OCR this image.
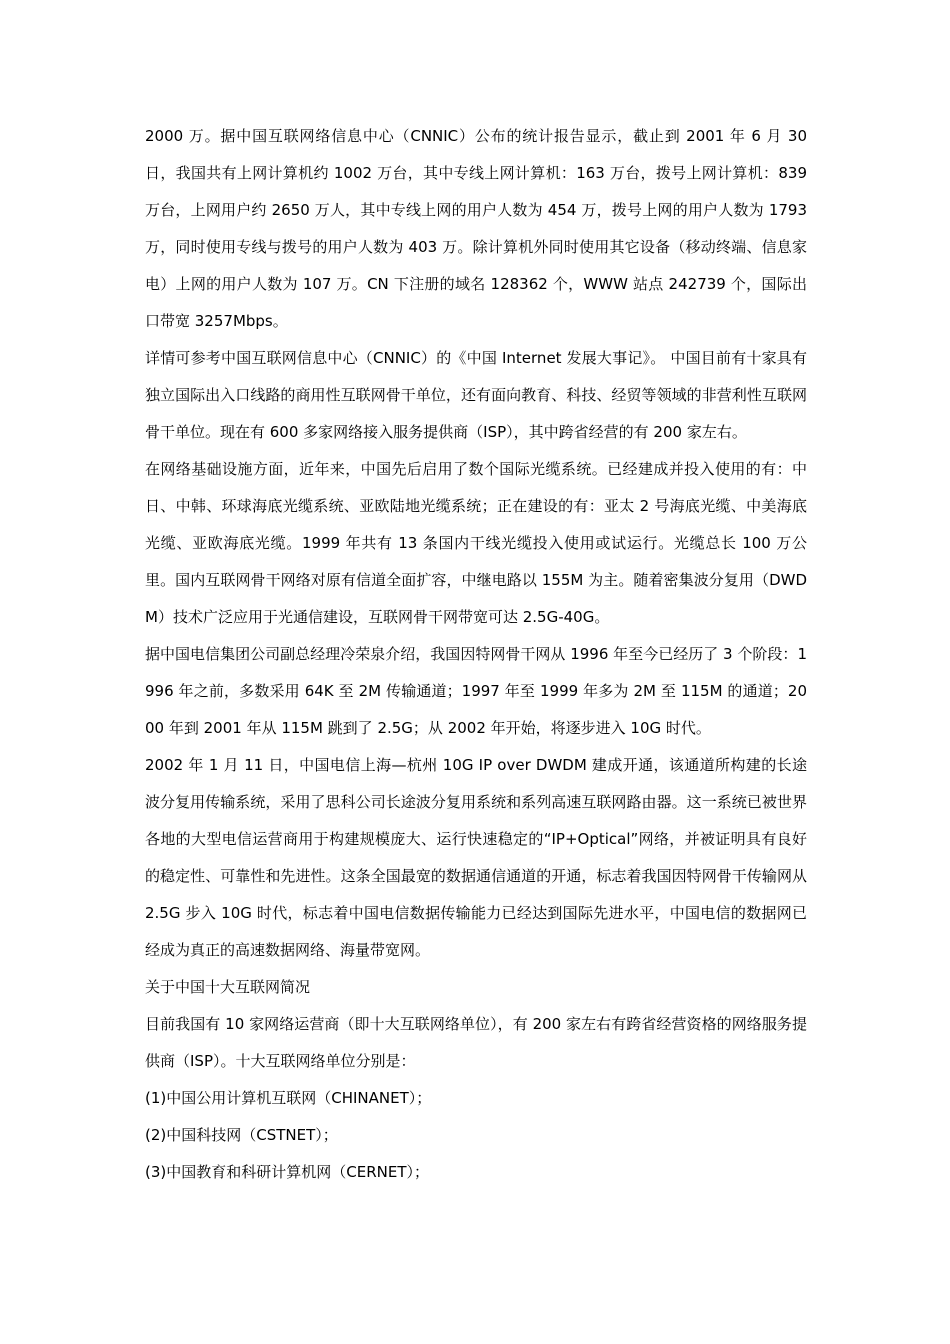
2000 万。据中国互联网络信息中心（CNNIC）公布的统计报告显示，截止到 2001 年 6 月 30 日，我国共有上网计算机约 1002 万台，其中专线上网计算机：163 万台，拨号上网计算机：839 万台，上网用户约 2650 万人，其中专线上网的用户人数为 454 万，拨号上网的用户人数为 1793 万，同时使用专线与拨号的用户人数为 403 万。除计算机外同时使用其它设备（移动终端、信息家电）上网的用户人数为 107 万。CN 下注册的域名 128362 个，WWW 站点 242739 个，国际出口带宽 3257Mbps。

详情可参考中国互联网信息中心（CNNIC）的《中国 Internet 发展大事记》。 中国目前有十家具有独立国际出入口线路的商用性互联网骨干单位，还有面向教育、科技、经贸等领域的非营利性互联网骨干单位。现在有 600 多家网络接入服务提供商（ISP），其中跨省经营的有 200 家左右。

在网络基础设施方面，近年来，中国先后启用了数个国际光缆系统。已经建成并投入使用的有：中日、中韩、环球海底光缆系统、亚欧陆地光缆系统；正在建设的有：亚太 2 号海底光缆、中美海底光缆、亚欧海底光缆。1999 年共有 13 条国内干线光缆投入使用或试运行。光缆总长 100 万公里。国内互联网骨干网络对原有信道全面扩容，中继电路以 155M 为主。随着密集波分复用（DWDM）技术广泛应用于光通信建设，互联网骨干网带宽可达 2.5G-40G。

据中国电信集团公司副总经理冷荣泉介绍，我国因特网骨干网从 1996 年至今已经历了 3 个阶段：1996 年之前，多数采用 64K 至 2M 传输通道；1997 年至 1999 年多为 2M 至 115M 的通道；2000 年到 2001 年从 115M 跳到了 2.5G；从 2002 年开始，将逐步进入 10G 时代。

2002 年 1 月 11 日，中国电信上海—杭州 10G IP over DWDM 建成开通，该通道所构建的长途波分复用传输系统，采用了思科公司长途波分复用系统和系列高速互联网路由器。这一系统已被世界各地的大型电信运营商用于构建规模庞大、运行快速稳定的“IP+Optical”网络，并被证明具有良好的稳定性、可靠性和先进性。这条全国最宽的数据通信通道的开通，标志着我国因特网骨干传输网从 2.5G 步入 10G 时代，标志着中国电信数据传输能力已经达到国际先进水平，中国电信的数据网已经成为真正的高速数据网络、海量带宽网。

关于中国十大互联网简况

目前我国有 10 家网络运营商（即十大互联网络单位），有 200 家左右有跨省经营资格的网络服务提供商（ISP）。十大互联网络单位分别是：

(1)中国公用计算机互联网（CHINANET）；

(2)中国科技网（CSTNET）；

(3)中国教育和科研计算机网（CERNET）；
